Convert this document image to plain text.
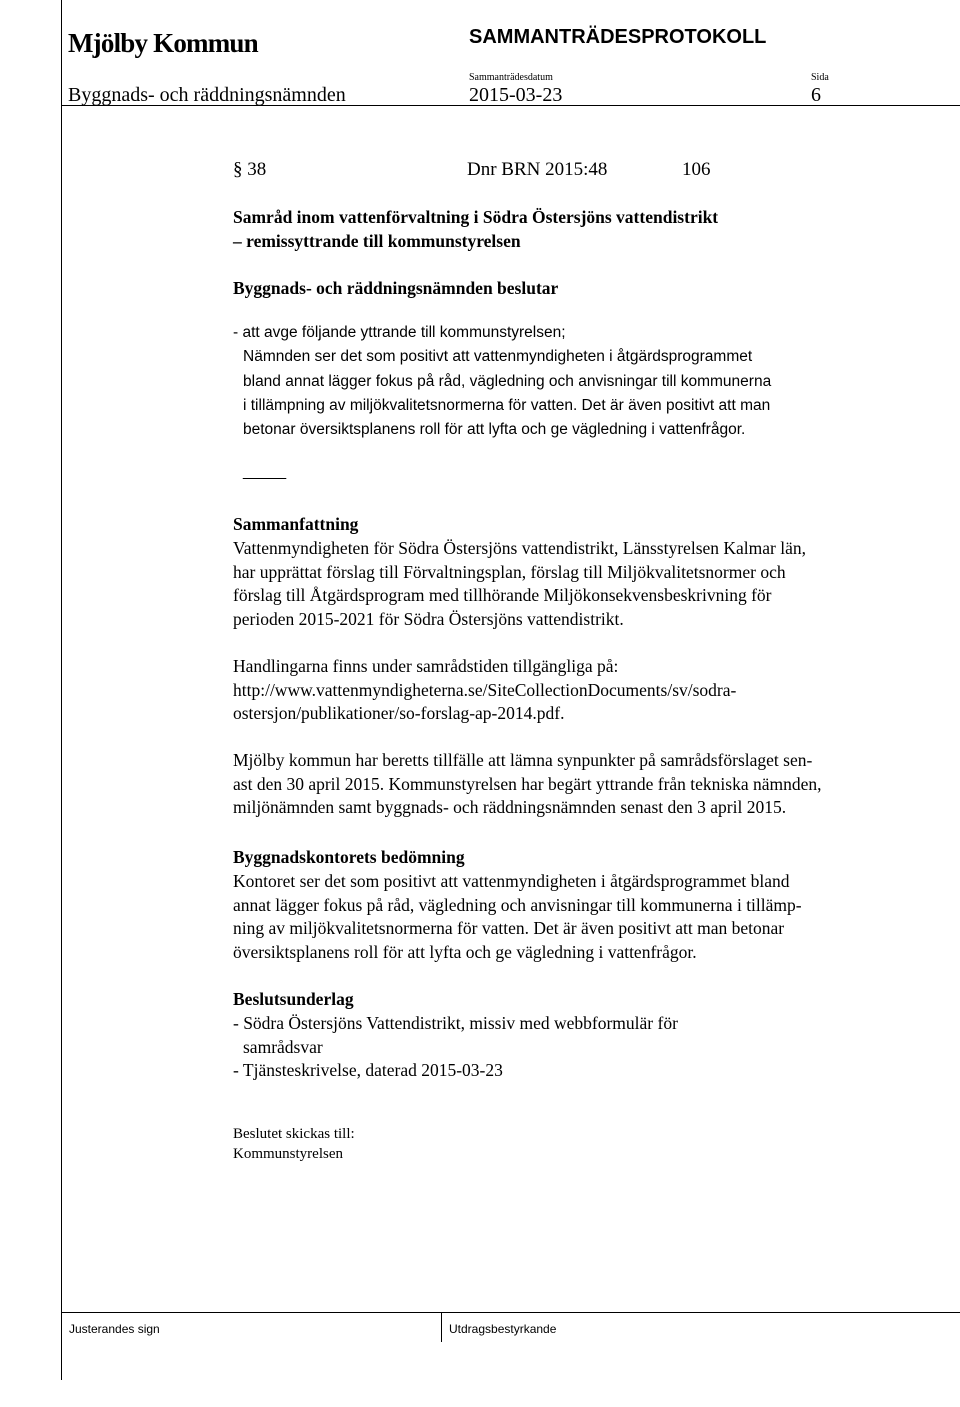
Mjölby Kommun	SAMMANTRÄDESPROTOKOLL
Sammanträdesdatum	Sida
Byggnads- och räddningsnämnden	2015-03-23	6
§ 38	Dnr BRN 2015:48	106
Samråd inom vattenförvaltning i Södra Östersjöns vattendistrikt
– remissyttrande till kommunstyrelsen
Byggnads- och räddningsnämnden beslutar
- att avge följande yttrande till kommunstyrelsen;
Nämnden ser det som positivt att vattenmyndigheten i åtgärdsprogrammet
bland annat lägger fokus på råd, vägledning och anvisningar till kommunerna
i tillämpning av miljökvalitetsnormerna för vatten. Det är även positivt att man
betonar översiktsplanens roll för att lyfta och ge vägledning i vattenfrågor.
_____
Sammanfattning
Vattenmyndigheten för Södra Östersjöns vattendistrikt, Länsstyrelsen Kalmar län,
har upprättat förslag till Förvaltningsplan, förslag till Miljökvalitetsnormer och
förslag till Åtgärdsprogram med tillhörande Miljökonsekvensbeskrivning för
perioden 2015-2021 för Södra Östersjöns vattendistrikt.
Handlingarna finns under samrådstiden tillgängliga på:
http://www.vattenmyndigheterna.se/SiteCollectionDocuments/sv/sodra-
ostersjon/publikationer/so-forslag-ap-2014.pdf.
Mjölby kommun har beretts tillfälle att lämna synpunkter på samrådsförslaget sen-
ast den 30 april 2015. Kommunstyrelsen har begärt yttrande från tekniska nämnden,
miljönämnden samt byggnads- och räddningsnämnden senast den 3 april 2015.
Byggnadskontorets bedömning
Kontoret ser det som positivt att vattenmyndigheten i åtgärdsprogrammet bland
annat lägger fokus på råd, vägledning och anvisningar till kommunerna i tillämp-
ning av miljökvalitetsnormerna för vatten. Det är även positivt att man betonar
översiktsplanens roll för att lyfta och ge vägledning i vattenfrågor.
Beslutsunderlag
- Södra Östersjöns Vattendistrikt, missiv med webbformulär för
samrådsvar
- Tjänsteskrivelse, daterad 2015-03-23
Beslutet skickas till:
Kommunstyrelsen
Justerandes sign	Utdragsbestyrkande
